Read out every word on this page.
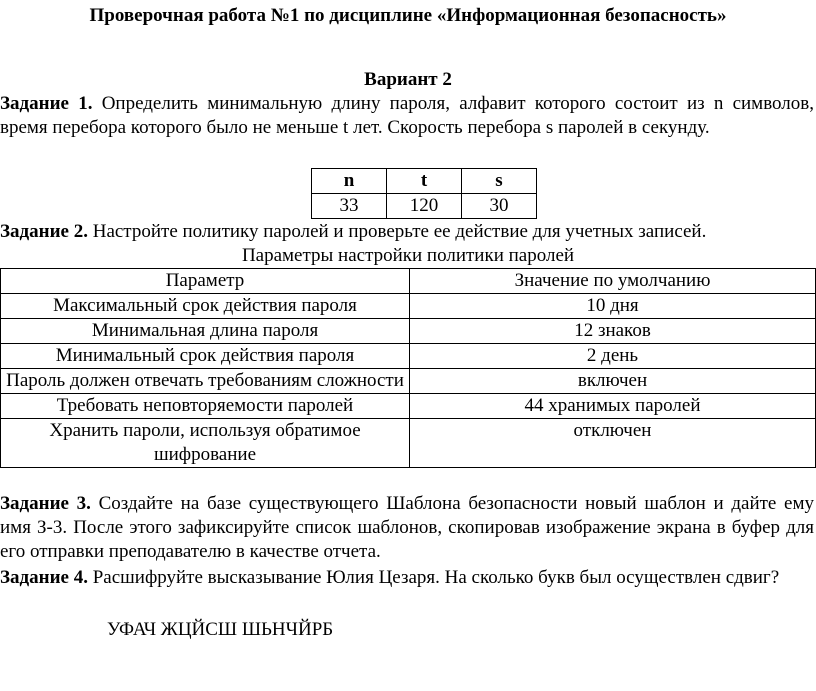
Проверочная работа №1 по дисциплине «Информационная безопасность»
Вариант 2
Задание 1. Определить минимальную длину пароля, алфавит которого состоит из n символов, время перебора которого было не меньше t лет. Скорость перебора s паролей в секунду.
n	t	s
33	120	30
Задание 2. Настройте политику паролей и проверьте ее действие для учетных записей.
Параметры настройки политики паролей
Параметр	Значение по умолчанию
Максимальный срок действия пароля	10 дня
Минимальная длина пароля	12 знаков
Минимальный срок действия пароля	2 день
Пароль должен отвечать требованиям сложности	включен
Требовать неповторяемости паролей	44 хранимых паролей
Хранить пароли, используя обратимое шифрование	отключен
Задание 3. Создайте на базе существующего Шаблона безопасности новый шаблон и дайте ему имя З-3. После этого зафиксируйте список шаблонов, скопировав изображение экрана в буфер для его отправки преподавателю в качестве отчета.
Задание 4. Расшифруйте высказывание Юлия Цезаря. На сколько букв был осуществлен сдвиг?
УФАЧ ЖЦЙСШ ШЬНЧЙРБ
